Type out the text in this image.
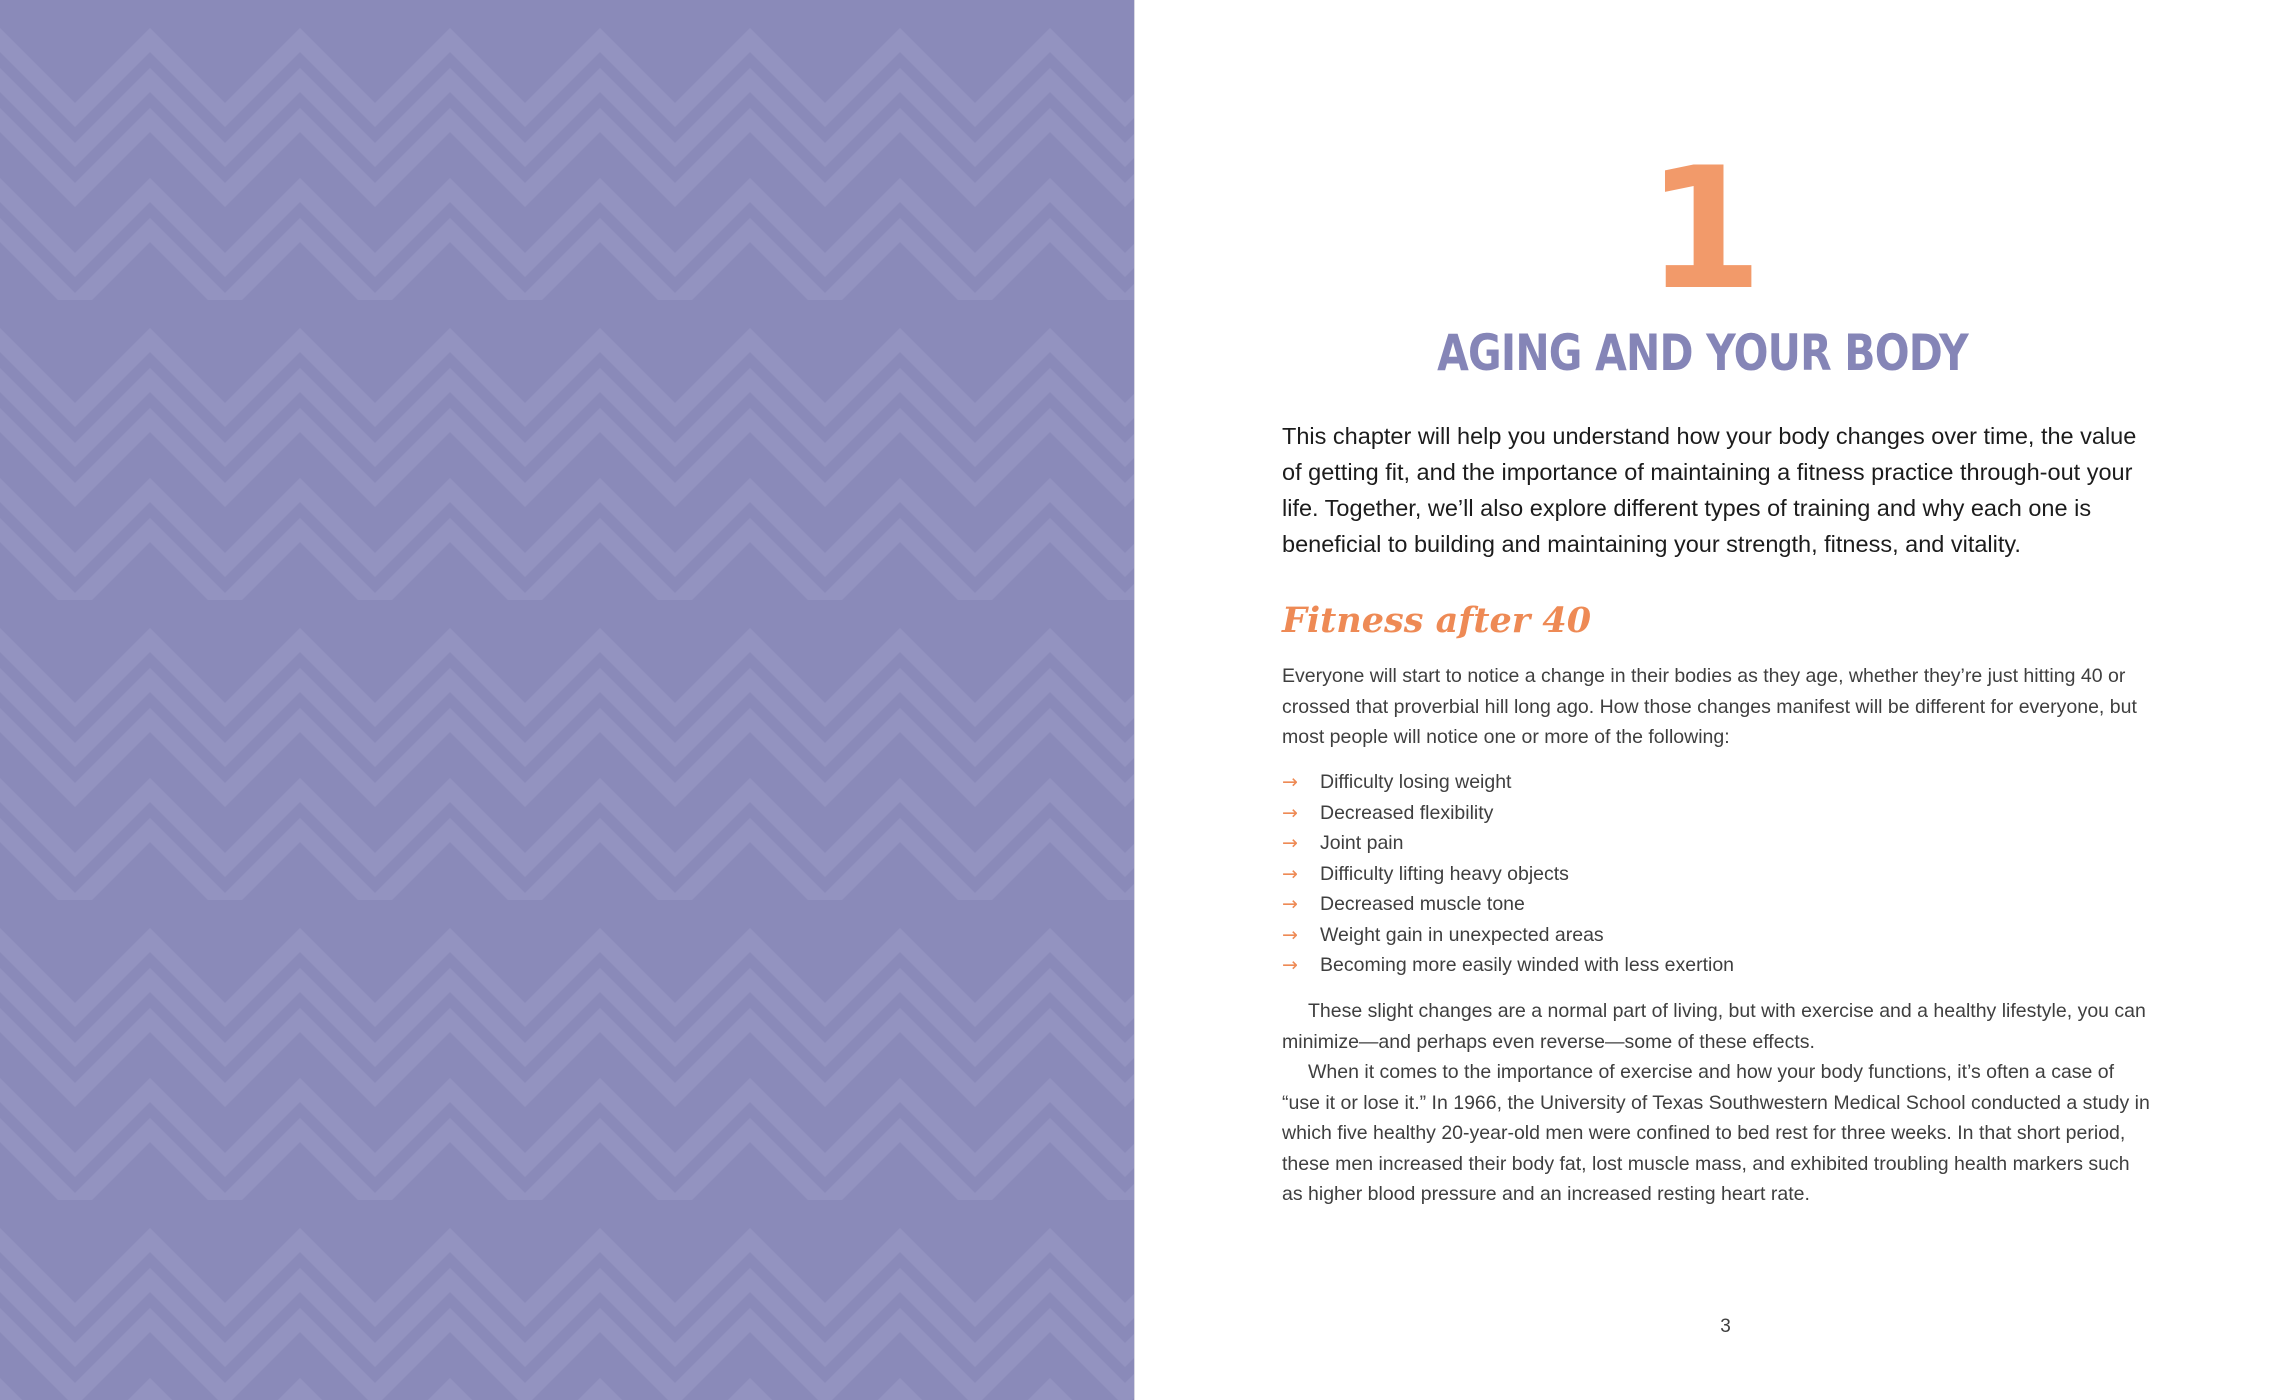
1
AGING AND YOUR BODY

This chapter will help you understand how your body changes over time, the value of getting fit, and the importance of maintaining a fitness practice through-out your life. Together, we’ll also explore different types of training and why each one is beneficial to building and maintaining your strength, fitness, and vitality.

Fitness after 40

Everyone will start to notice a change in their bodies as they age, whether they’re just hitting 40 or crossed that proverbial hill long ago. How those changes manifest will be different for everyone, but most people will notice one or more of the following:

→ Difficulty losing weight
→ Decreased flexibility
→ Joint pain
→ Difficulty lifting heavy objects
→ Decreased muscle tone
→ Weight gain in unexpected areas
→ Becoming more easily winded with less exertion

These slight changes are a normal part of living, but with exercise and a healthy lifestyle, you can minimize—and perhaps even reverse—some of these effects.

When it comes to the importance of exercise and how your body functions, it’s often a case of “use it or lose it.” In 1966, the University of Texas Southwestern Medical School conducted a study in which five healthy 20-year-old men were confined to bed rest for three weeks. In that short period, these men increased their body fat, lost muscle mass, and exhibited troubling health markers such as higher blood pressure and an increased resting heart rate.

3
